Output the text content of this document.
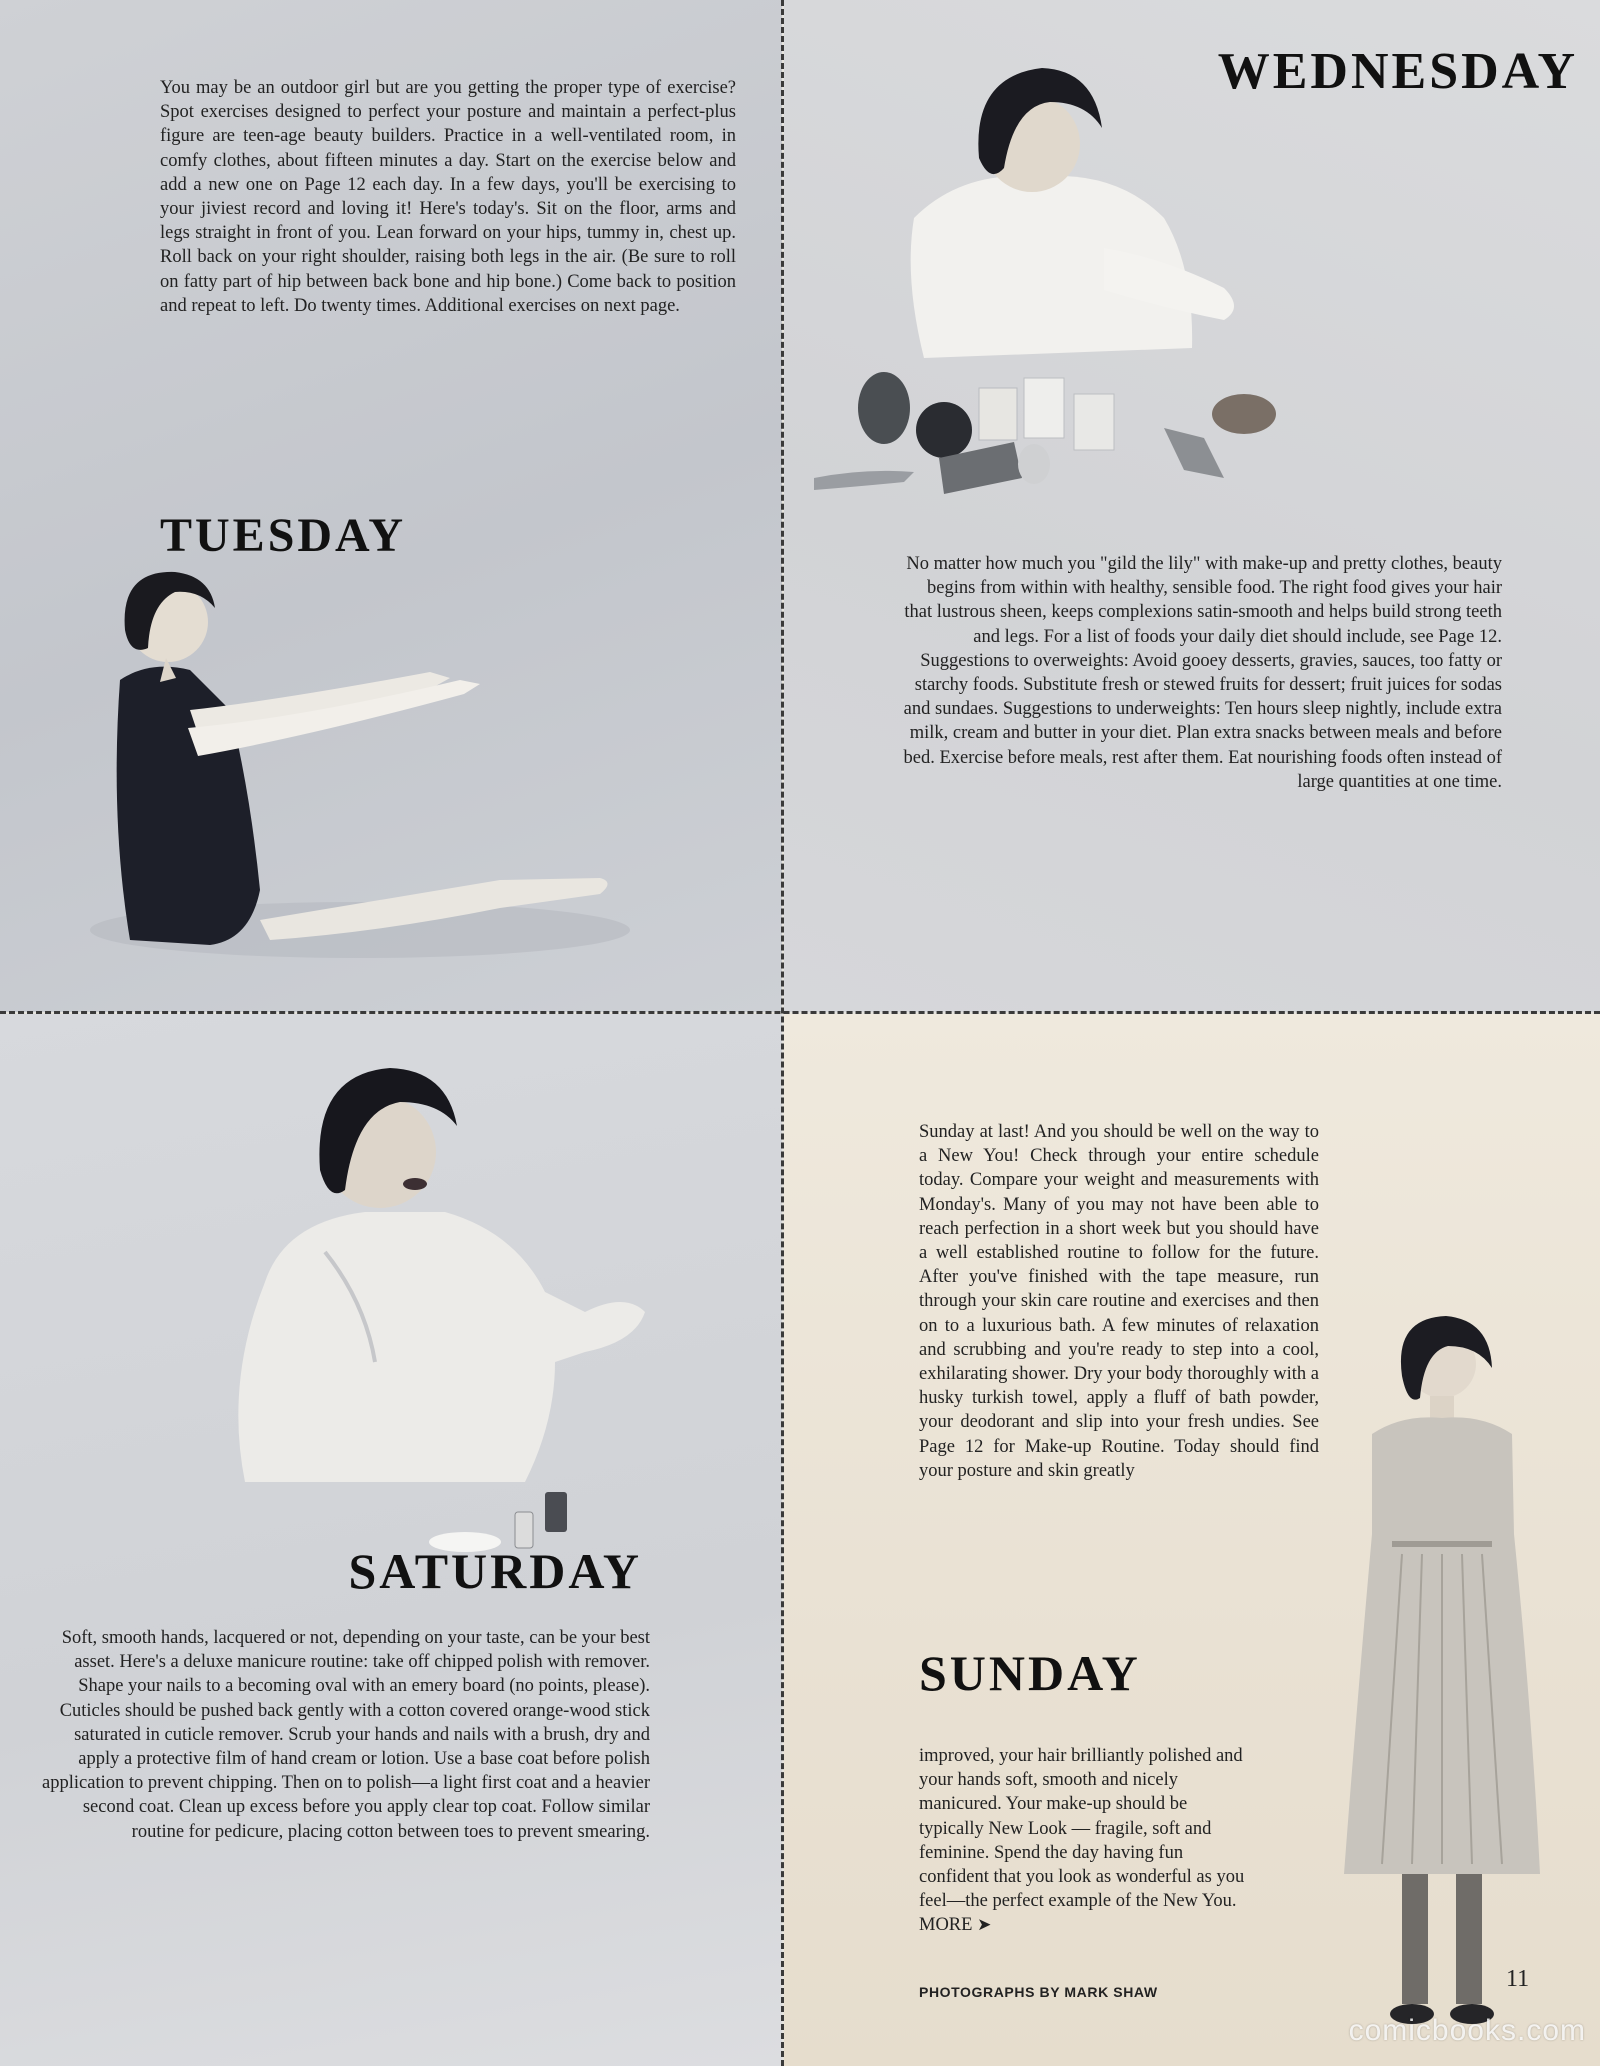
You may be an outdoor girl but are you getting the proper type of exercise? Spot exercises designed to perfect your posture and maintain a perfect-plus figure are teen-age beauty builders. Practice in a well-ventilated room, in comfy clothes, about fifteen minutes a day. Start on the exercise below and add a new one on Page 12 each day. In a few days, you'll be exercising to your jiviest record and loving it! Here's today's. Sit on the floor, arms and legs straight in front of you. Lean forward on your hips, tummy in, chest up. Roll back on your right shoulder, raising both legs in the air. (Be sure to roll on fatty part of hip between back bone and hip bone.) Come back to position and repeat to left. Do twenty times. Additional exercises on next page.

TUESDAY
WEDNESDAY

No matter how much you "gild the lily" with make-up and pretty clothes, beauty begins from within with healthy, sensible food. The right food gives your hair that lustrous sheen, keeps complexions satin-smooth and helps build strong teeth and legs. For a list of foods your daily diet should include, see Page 12. Suggestions to overweights: Avoid gooey desserts, gravies, sauces, too fatty or starchy foods. Substitute fresh or stewed fruits for dessert; fruit juices for sodas and sundaes. Suggestions to underweights: Ten hours sleep nightly, include extra milk, cream and butter in your diet. Plan extra snacks between meals and before bed. Exercise before meals, rest after them. Eat nourishing foods often instead of large quantities at one time.

SATURDAY

Soft, smooth hands, lacquered or not, depending on your taste, can be your best asset. Here's a deluxe manicure routine: take off chipped polish with remover. Shape your nails to a becoming oval with an emery board (no points, please). Cuticles should be pushed back gently with a cotton covered orange-wood stick saturated in cuticle remover. Scrub your hands and nails with a brush, dry and apply a protective film of hand cream or lotion. Use a base coat before polish application to prevent chipping. Then on to polish—a light first coat and a heavier second coat. Clean up excess before you apply clear top coat. Follow similar routine for pedicure, placing cotton between toes to prevent smearing.

Sunday at last! And you should be well on the way to a New You! Check through your entire schedule today. Compare your weight and measurements with Monday's. Many of you may not have been able to reach perfection in a short week but you should have a well established routine to follow for the future. After you've finished with the tape measure, run through your skin care routine and exercises and then on to a luxurious bath. A few minutes of relaxation and scrubbing and you're ready to step into a cool, exhilarating shower. Dry your body thoroughly with a husky turkish towel, apply a fluff of bath powder, your deodorant and slip into your fresh undies. See Page 12 for Make-up Routine. Today should find your posture and skin greatly

SUNDAY

improved, your hair brilliantly polished and your hands soft, smooth and nicely manicured. Your make-up should be typically New Look — fragile, soft and feminine. Spend the day having fun confident that you look as wonderful as you feel—the perfect example of the New You. MORE ➤

PHOTOGRAPHS BY MARK SHAW	11
comicbooks.com
